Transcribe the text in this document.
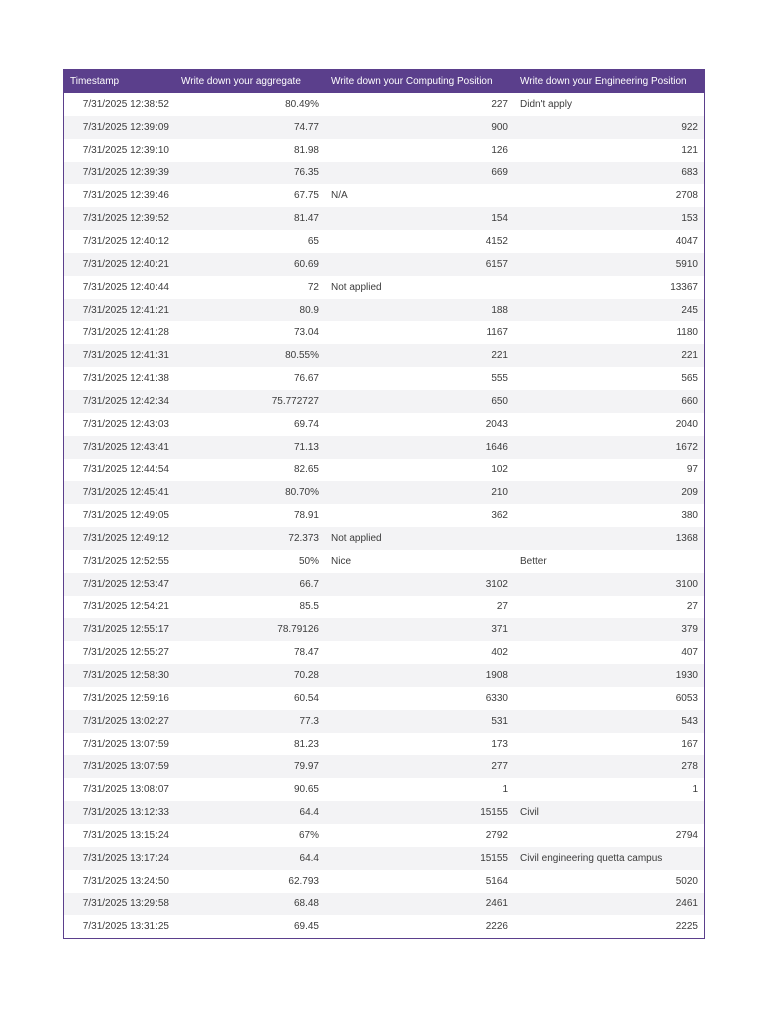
Timestamp	Write down your aggregate	Write down your Computing Position	Write down your Engineering Position
7/31/2025 12:38:52	80.49%	227	Didn't apply
7/31/2025 12:39:09	74.77	900	922
7/31/2025 12:39:10	81.98	126	121
7/31/2025 12:39:39	76.35	669	683
7/31/2025 12:39:46	67.75	N/A	2708
7/31/2025 12:39:52	81.47	154	153
7/31/2025 12:40:12	65	4152	4047
7/31/2025 12:40:21	60.69	6157	5910
7/31/2025 12:40:44	72	Not applied	13367
7/31/2025 12:41:21	80.9	188	245
7/31/2025 12:41:28	73.04	1167	1180
7/31/2025 12:41:31	80.55%	221	221
7/31/2025 12:41:38	76.67	555	565
7/31/2025 12:42:34	75.772727	650	660
7/31/2025 12:43:03	69.74	2043	2040
7/31/2025 12:43:41	71.13	1646	1672
7/31/2025 12:44:54	82.65	102	97
7/31/2025 12:45:41	80.70%	210	209
7/31/2025 12:49:05	78.91	362	380
7/31/2025 12:49:12	72.373	Not applied	1368
7/31/2025 12:52:55	50%	Nice	Better
7/31/2025 12:53:47	66.7	3102	3100
7/31/2025 12:54:21	85.5	27	27
7/31/2025 12:55:17	78.79126	371	379
7/31/2025 12:55:27	78.47	402	407
7/31/2025 12:58:30	70.28	1908	1930
7/31/2025 12:59:16	60.54	6330	6053
7/31/2025 13:02:27	77.3	531	543
7/31/2025 13:07:59	81.23	173	167
7/31/2025 13:07:59	79.97	277	278
7/31/2025 13:08:07	90.65	1	1
7/31/2025 13:12:33	64.4	15155	Civil
7/31/2025 13:15:24	67%	2792	2794
7/31/2025 13:17:24	64.4	15155	Civil engineering quetta campus
7/31/2025 13:24:50	62.793	5164	5020
7/31/2025 13:29:58	68.48	2461	2461
7/31/2025 13:31:25	69.45	2226	2225
